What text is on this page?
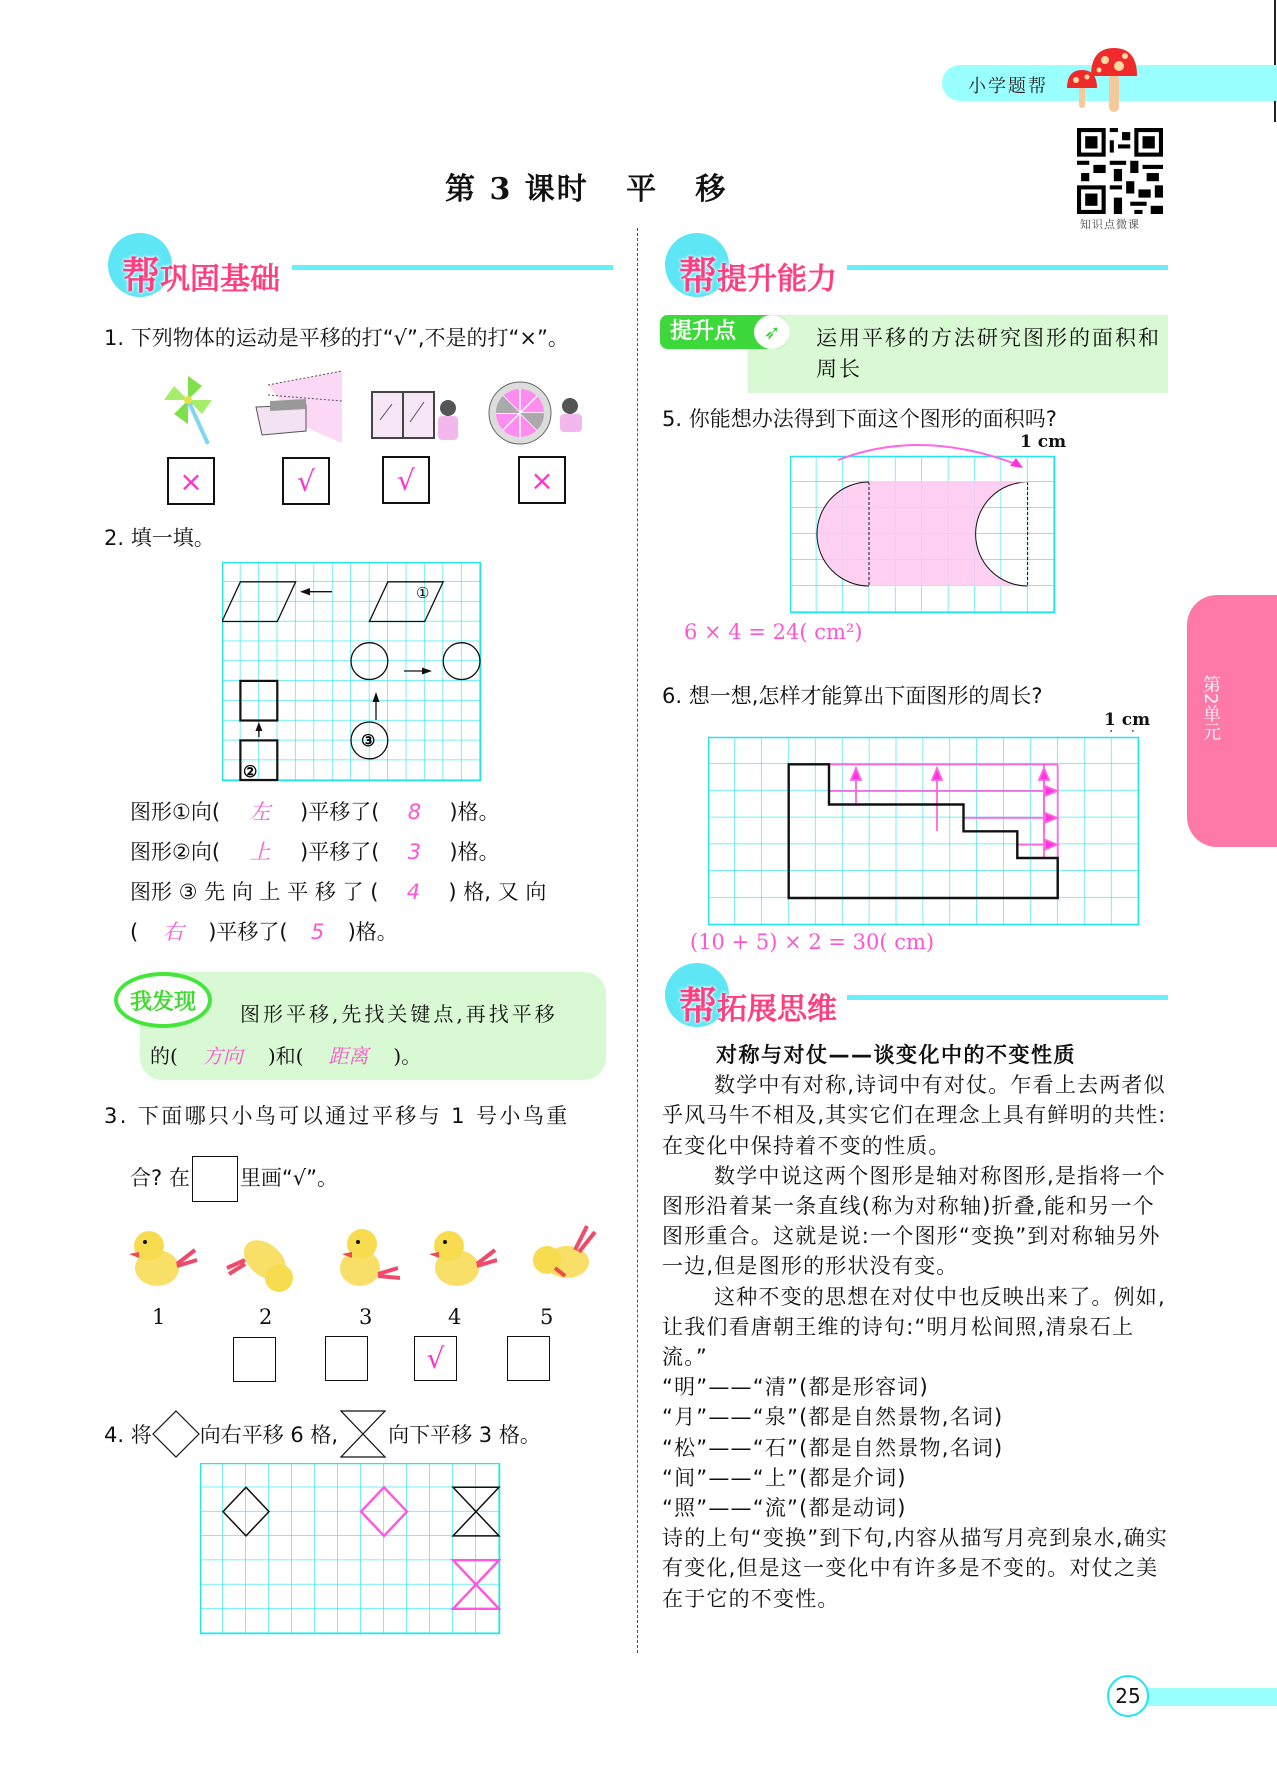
小学题帮
知识点微课
第 3 课时   平   移
帮巩固基础
1. 下列物体的运动是平移的打“√”,不是的打“×”。
×	√	√	×
2. 填一填。
①
③
②
图形①向( 左 )平移了( 8 )格。
图形②向( 上 )平移了( 3 )格。
图形 ③ 先 向 上 平 移 了 ( 4 ) 格, 又 向
( 右 )平移了( 5 )格。
我发现	图形平移,先找关键点,再找平移
的( 方向 )和( 距离 )。
3. 下面哪只小鸟可以通过平移与 1 号小鸟重
合? 在 里画“√”。
1	2	3	4	5
√
4. 将 向右平移 6 格, 向下平移 3 格。
帮提升能力
提升点	➶	运用平移的方法研究图形的面积和周长
5. 你能想办法得到下面这个图形的面积吗?
1 cm
6 × 4 = 24( cm²)
6. 想一想,怎样才能算出下面图形的周长?
1 cm
(10 + 5) × 2 = 30( cm)
帮拓展思维

对称与对仗——谈变化中的不变性质

数学中有对称,诗词中有对仗。乍看上去两者似乎风马牛不相及,其实它们在理念上具有鲜明的共性:在变化中保持着不变的性质。

数学中说这两个图形是轴对称图形,是指将一个图形沿着某一条直线(称为对称轴)折叠,能和另一个图形重合。这就是说:一个图形“变换”到对称轴另外一边,但是图形的形状没有变。

这种不变的思想在对仗中也反映出来了。例如,让我们看唐朝王维的诗句:“明月松间照,清泉石上流。”

“明”——“清”(都是形容词)

“月”——“泉”(都是自然景物,名词)

“松”——“石”(都是自然景物,名词)

“间”——“上”(都是介词)

“照”——“流”(都是动词)

诗的上句“变换”到下句,内容从描写月亮到泉水,确实有变化,但是这一变化中有许多是不变的。对仗之美在于它的不变性。

第2单元
25
